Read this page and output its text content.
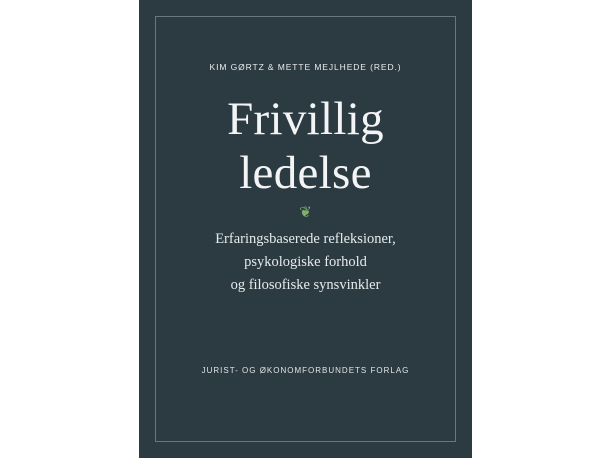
KIM GØRTZ & METTE MEJLHEDE (RED.)
Frivillig
ledelse
❦
Erfaringsbaserede refleksioner,
psykologiske forhold
og filosofiske synsvinkler
JURIST- OG ØKONOMFORBUNDETS FORLAG
